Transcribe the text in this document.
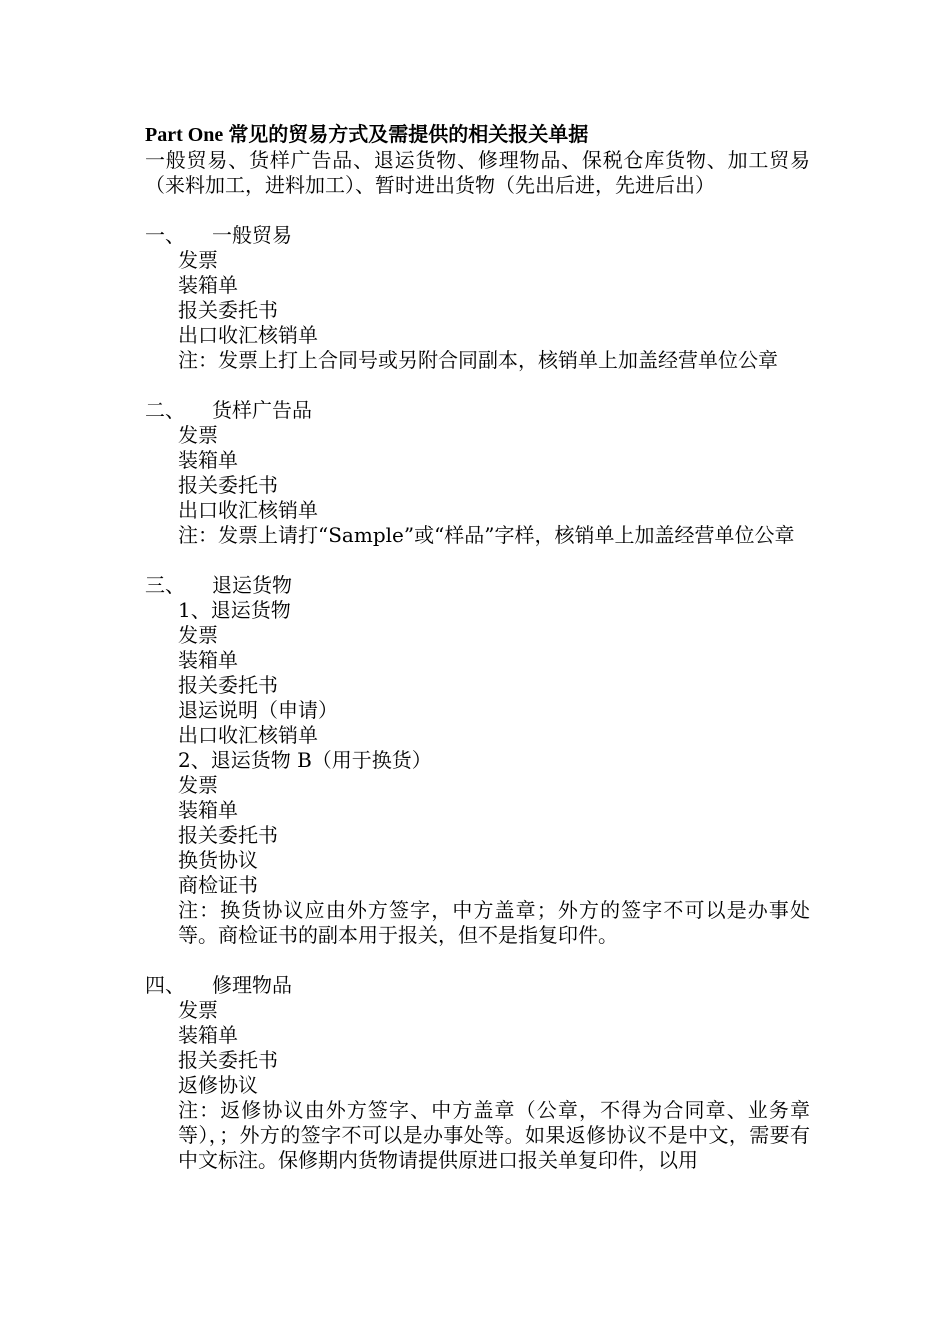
Part One 常见的贸易方式及需提供的相关报关单据
一般贸易、货样广告品、退运货物、修理物品、保税仓库货物、加工贸易（来料加工，进料加工）、暂时进出货物（先出后进，先进后出）
一、	一般贸易
发票
装箱单
报关委托书
出口收汇核销单
注：发票上打上合同号或另附合同副本，核销单上加盖经营单位公章
二、	货样广告品
发票
装箱单
报关委托书
出口收汇核销单
注：发票上请打“Sample”或“样品”字样，核销单上加盖经营单位公章
三、	退运货物
1、退运货物
发票
装箱单
报关委托书
退运说明（申请）
出口收汇核销单
2、退运货物 B（用于换货）
发票
装箱单
报关委托书
换货协议
商检证书
注：换货协议应由外方签字，中方盖章；外方的签字不可以是办事处等。商检证书的副本用于报关，但不是指复印件。
四、	修理物品
发票
装箱单
报关委托书
返修协议
注：返修协议由外方签字、中方盖章（公章，不得为合同章、业务章等），；外方的签字不可以是办事处等。如果返修协议不是中文，需要有中文标注。保修期内货物请提供原进口报关单复印件，以用
